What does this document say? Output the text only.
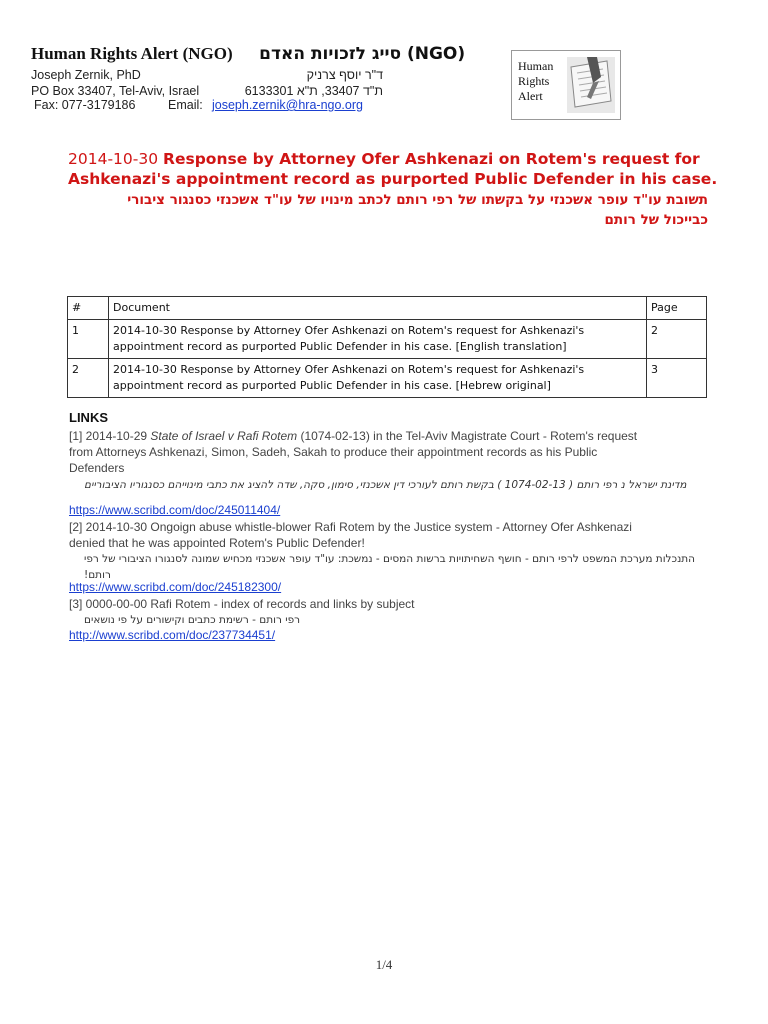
Human Rights Alert (NGO) (NGO) סייג לזכויות האדם
Joseph Zernik, PhD	ד"ר יוסף צרניק
PO Box 33407, Tel-Aviv, Israel	ת"ד 33407, ת"א 6133301
Fax: 077-3179186	Email: joseph.zernik@hra-ngo.org
Human
Rights
Alert
2014-10-30 Response by Attorney Ofer Ashkenazi on Rotem's request for
Ashkenazi's appointment record as purported Public Defender in his case.
תשובת עו"ד עופר אשכנזי על בקשתו של רפי רותם לכתב מינויו של עו"ד אשכנזי כסנגור ציבורי
כבייכול של רותם
#	Document	Page
1	2014-10-30 Response by Attorney Ofer Ashkenazi on Rotem's request for Ashkenazi's appointment record as purported Public Defender in his case. [English translation]	2
2	2014-10-30 Response by Attorney Ofer Ashkenazi on Rotem's request for Ashkenazi's appointment record as purported Public Defender in his case. [Hebrew original]	3
LINKS
[1] 2014-10-29 State of Israel v Rafi Rotem (1074-02-13) in the Tel-Aviv Magistrate Court - Rotem's request from Attorneys Ashkenazi, Simon, Sadeh, Sakah to produce their appointment records as his Public Defenders
מדינת ישראל נ רפי רותם ( 1074-02-13 ) בקשת רותם לעורכי דין אשכנזי, סימון, סקה, שדה להציג את כתבי מינוייהם כסנגוריו הציבוריים
https://www.scribd.com/doc/245011404/
[2] 2014-10-30 Ongoign abuse whistle-blower Rafi Rotem by the Justice system - Attorney Ofer Ashkenazi denied that he was appointed Rotem's Public Defender!
התנכלות מערכת המשפט לרפי רותם - חושף השחיתויות ברשות המסים - נמשכת: עו"ד עופר אשכנזי מכחיש שמונה לסנגורו הציבורי של רפי רותם!
https://www.scribd.com/doc/245182300/
[3] 0000-00-00 Rafi Rotem - index of records and links by subject
רפי רותם - רשימת כתבים וקישורים על פי נושאים
http://www.scribd.com/doc/237734451/
1/4
